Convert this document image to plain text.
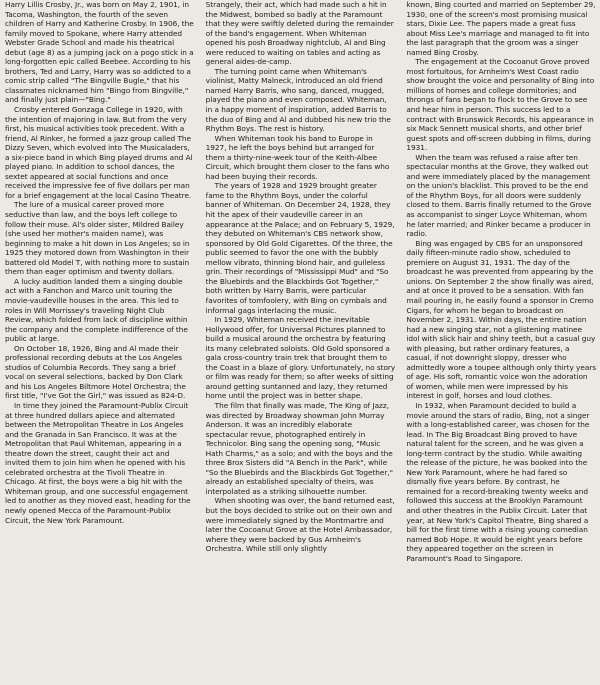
Harry Lillis Crosby, Jr., was born on May 2, 1901, in Tacoma, Washington, the fourth of the seven children of Harry and Katherine Crosby. In 1906, the family moved to Spokane, where Harry attended Webster Grade School and made his theatrical debut (age 8) as a jumping jack on a pogo stick in a long-forgotten epic called Beebee. According to his brothers, Ted and Larry, Harry was so addicted to a comic strip called "The Bingville Bugle," that his classmates nicknamed him "Bingo from Bingville," and finally just plain—"Bing."

Crosby entered Gonzaga College in 1920, with the intention of majoring in law. But from the very first, his musical activities took precedent. With a friend, Al Rinker, he formed a jazz group called The Dizzy Seven, which evolved into The Musicaladers, a six-piece band in which Bing played drums and Al played piano. In addition to school dances, the sextet appeared at social functions and once received the impressive fee of five dollars per man for a brief engagement at the local Casino Theatre.

The lure of a musical career proved more seductive than law, and the boys left college to follow their muse. Al's older sister, Mildred Bailey (she used her mother's maiden name), was beginning to make a hit down in Los Angeles; so in 1925 they motored down from Washington in their battered old Model T, with nothing more to sustain them than eager optimism and twenty dollars.

A lucky audition landed them a singing double act with a Fanchon and Marco unit touring the movie-vaudeville houses in the area. This led to roles in Will Morrissey's traveling Night Club Review, which folded from lack of discipline within the company and the complete indifference of the public at large.

On October 18, 1926, Bing and Al made their professional recording debuts at the Los Angeles studios of Columbia Records. They sang a brief vocal on several selections, backed by Don Clark and his Los Angeles Biltmore Hotel Orchestra; the first title, "I've Got the Girl," was issued as 824-D.

In time they joined the Paramount-Publix Circuit at three hundred dollars apiece and alternated between the Metropolitan Theatre in Los Angeles and the Granada in San Francisco. It was at the Metropolitan that Paul Whiteman, appearing in a theatre down the street, caught their act and invited them to join him when he opened with his celebrated orchestra at the Tivoli Theatre in Chicago. At first, the boys were a big hit with the Whiteman group, and one successful engagement led to another as they moved east, heading for the newly opened Mecca of the Paramount-Publix Circuit, the New York Paramount.

Strangely, their act, which had made such a hit in the Midwest, bombed so badly at the Paramount that they were swiftly deleted during the remainder of the band's engagement. When Whiteman opened his posh Broadway nightclub, Al and Bing were reduced to waiting on tables and acting as general aides-de-camp.

The turning point came when Whiteman's violinist, Matty Malneck, introduced an old friend named Harry Barris, who sang, danced, mugged, played the piano and even composed. Whiteman, in a happy moment of inspiration, added Barris to the duo of Bing and Al and dubbed his new trio the Rhythm Boys. The rest is history.

When Whiteman took his band to Europe in 1927, he left the boys behind but arranged for them a thirty-nine-week tour of the Keith-Albee Circuit, which brought them closer to the fans who had been buying their records.

The years of 1928 and 1929 brought greater fame to the Rhythm Boys, under the colorful banner of Whiteman. On December 24, 1928, they hit the apex of their vaudeville career in an appearance at the Palace; and on February 5, 1929, they debuted on Whiteman's CBS network show, sponsored by Old Gold Cigarettes. Of the three, the public seemed to favor the one with the bubbly mellow vibrato, thinning blond hair, and guileless grin. Their recordings of "Mississippi Mud" and "So the Bluebirds and the Blackbirds Got Together," both written by Harry Barris, were particular favorites of tomfoolery, with Bing on cymbals and informal gags interlacing the music.

In 1929, Whiteman received the inevitable Hollywood offer, for Universal Pictures planned to build a musical around the orchestra by featuring its many celebrated soloists. Old Gold sponsored a gala cross-country train trek that brought them to the Coast in a blaze of glory. Unfortunately, no story or film was ready for them; so after weeks of sitting around getting suntanned and lazy, they returned home until the project was in better shape.

The film that finally was made, The King of Jazz, was directed by Broadway showman John Murray Anderson. It was an incredibly elaborate spectacular revue, photographed entirely in Technicolor. Bing sang the opening song, "Music Hath Charms," as a solo; and with the boys and the three Brox Sisters did "A Bench in the Park", while "So the Bluebirds and the Blackbirds Got Together," already an established specialty of theirs, was interpolated as a striking silhouette number.

When shooting was over, the band returned east, but the boys decided to strike out on their own and were immediately signed by the Montmartre and later the Cocoanut Grove at the Hotel Ambassador, where they were backed by Gus Arnheim's Orchestra. While still only slightly

known, Bing courted and married on September 29, 1930, one of the screen's most promising musical stars, Dixie Lee. The papers made a great fuss about Miss Lee's marriage and managed to fit into the last paragraph that the groom was a singer named Bing Crosby.

The engagement at the Cocoanut Grove proved most fortuitous, for Arnheim's West Coast radio show brought the voice and personality of Bing into millions of homes and college dormitories; and throngs of fans began to flock to the Grove to see and hear him in person. This success led to a contract with Brunswick Records, his appearance in six Mack Sennett musical shorts, and other brief guest spots and off-screen dubbing in films, during 1931.

When the team was refused a raise after ten spectacular months at the Grove, they walked out and were immediately placed by the management on the union's blacklist. This proved to be the end of the Rhythm Boys, for all doors were suddenly closed to them. Barris finally returned to the Grove as accompanist to singer Loyce Whiteman, whom he later married; and Rinker became a producer in radio.

Bing was engaged by CBS for an unsponsored daily fifteen-minute radio show, scheduled to premiere on August 31, 1931. The day of the broadcast he was prevented from appearing by the unions. On September 2 the show finally was aired, and at once it proved to be a sensation. With fan mail pouring in, he easily found a sponsor in Cremo Cigars, for whom he began to broadcast on November 2, 1931. Within days, the entire nation had a new singing star, not a glistening matinee idol with slick hair and shiny teeth, but a casual guy with pleasing, but rather ordinary features, a casual, if not downright sloppy, dresser who admittedly wore a toupee although only thirty years of age. His soft, romantic voice won the adoration of women, while men were impressed by his interest in golf, horses and loud clothes.

In 1932, when Paramount decided to build a movie around the stars of radio, Bing, not a singer with a long-established career, was chosen for the lead. In The Big Broadcast Bing proved to have natural talent for the screen, and he was given a long-term contract by the studio. While awaiting the release of the picture, he was booked into the New York Paramount, where he had fared so dismally five years before. By contrast, he remained for a record-breaking twenty weeks and followed this success at the Brooklyn Paramount and other theatres in the Publix Circuit. Later that year, at New York's Capitol Theatre, Bing shared a bill for the first time with a rising young comedian named Bob Hope. It would be eight years before they appeared together on the screen in Paramount's Road to Singapore.
